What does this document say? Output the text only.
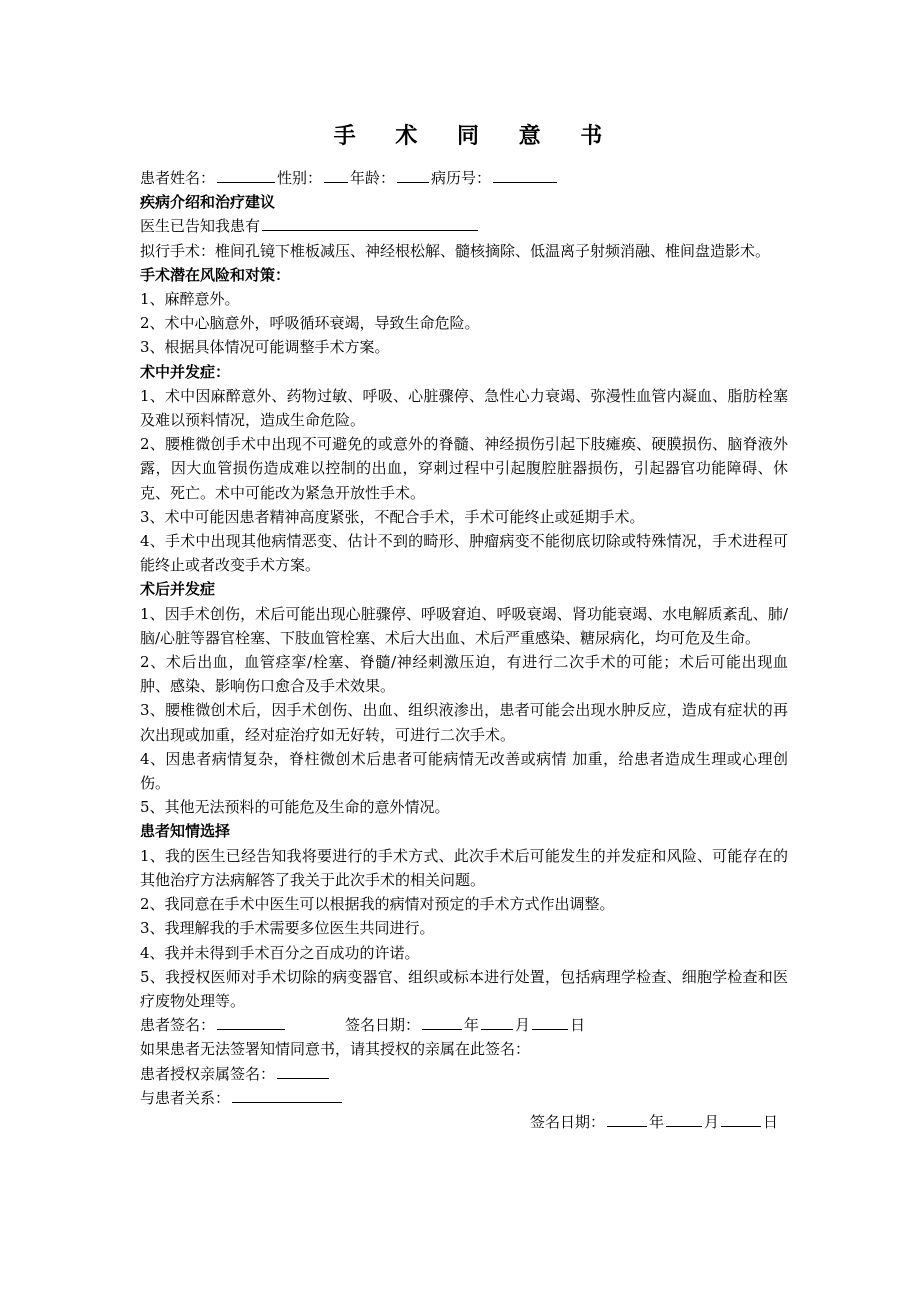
手 术 同 意 书

患者姓名：	性别： 年龄： 病历号：

疾病介绍和治疗建议

医生已告知我患有

拟行手术：椎间孔镜下椎板减压、神经根松解、髓核摘除、低温离子射频消融、椎间盘造影术。

手术潜在风险和对策：

1、麻醉意外。

2、术中心脑意外，呼吸循环衰竭，导致生命危险。

3、根据具体情况可能调整手术方案。

术中并发症：

1、术中因麻醉意外、药物过敏、呼吸、心脏骤停、急性心力衰竭、弥漫性血管内凝血、脂肪栓塞及难以预料情况，造成生命危险。

2、腰椎微创手术中出现不可避免的或意外的脊髓、神经损伤引起下肢瘫痪、硬膜损伤、脑脊液外露，因大血管损伤造成难以控制的出血，穿刺过程中引起腹腔脏器损伤，引起器官功能障碍、休克、死亡。术中可能改为紧急开放性手术。

3、术中可能因患者精神高度紧张，不配合手术，手术可能终止或延期手术。

4、手术中出现其他病情恶变、估计不到的畸形、肿瘤病变不能彻底切除或特殊情况，手术进程可能终止或者改变手术方案。

术后并发症

1、因手术创伤，术后可能出现心脏骤停、呼吸窘迫、呼吸衰竭、肾功能衰竭、水电解质紊乱、肺/脑/心脏等器官栓塞、下肢血管栓塞、术后大出血、术后严重感染、糖尿病化，均可危及生命。

2、术后出血，血管痉挛/栓塞、脊髓/神经刺激压迫，有进行二次手术的可能；术后可能出现血肿、感染、影响伤口愈合及手术效果。

3、腰椎微创术后，因手术创伤、出血、组织液渗出，患者可能会出现水肿反应，造成有症状的再次出现或加重，经对症治疗如无好转，可进行二次手术。

4、因患者病情复杂，脊柱微创术后患者可能病情无改善或病情 加重，给患者造成生理或心理创伤。

5、其他无法预料的可能危及生命的意外情况。

患者知情选择

1、我的医生已经告知我将要进行的手术方式、此次手术后可能发生的并发症和风险、可能存在的其他治疗方法病解答了我关于此次手术的相关问题。

2、我同意在手术中医生可以根据我的病情对预定的手术方式作出调整。

3、我理解我的手术需要多位医生共同进行。

4、我并未得到手术百分之百成功的许诺。

5、我授权医师对手术切除的病变器官、组织或标本进行处置，包括病理学检查、细胞学检查和医疗废物处理等。

患者签名：	签名日期：	年 月	日

如果患者无法签署知情同意书，请其授权的亲属在此签名：

患者授权亲属签名：

与患者关系：

签名日期：	年	月	日
